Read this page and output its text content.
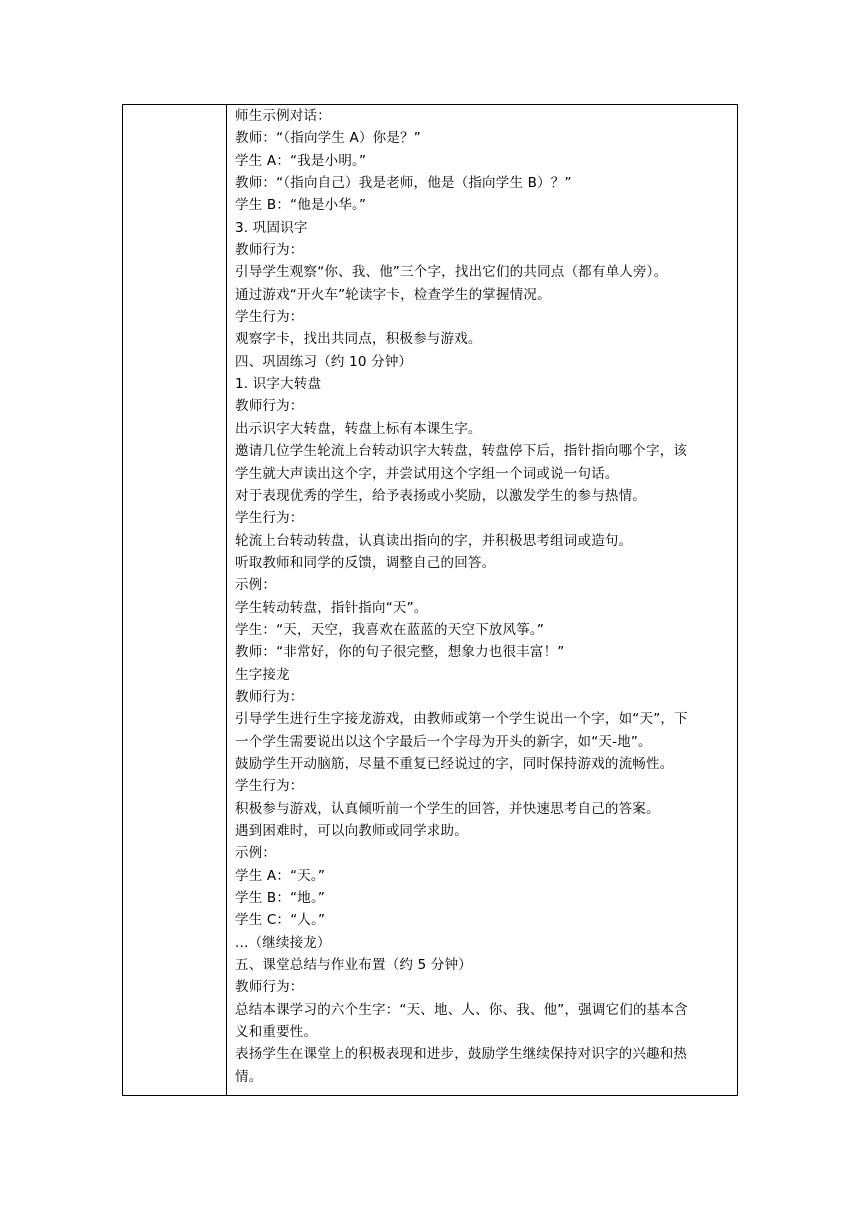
师生示例对话：
教师：“（指向学生 A）你是？”
学生 A：“我是小明。”
教师：“（指向自己）我是老师，他是（指向学生 B）？”
学生 B：“他是小华。”
3. 巩固识字
教师行为：
引导学生观察“你、我、他”三个字，找出它们的共同点（都有单人旁）。
通过游戏“开火车”轮读字卡，检查学生的掌握情况。
学生行为：
观察字卡，找出共同点，积极参与游戏。
四、巩固练习（约 10 分钟）
1. 识字大转盘
教师行为：
出示识字大转盘，转盘上标有本课生字。
邀请几位学生轮流上台转动识字大转盘，转盘停下后，指针指向哪个字，该
学生就大声读出这个字，并尝试用这个字组一个词或说一句话。
对于表现优秀的学生，给予表扬或小奖励，以激发学生的参与热情。
学生行为：
轮流上台转动转盘，认真读出指向的字，并积极思考组词或造句。
听取教师和同学的反馈，调整自己的回答。
示例：
学生转动转盘，指针指向“天”。
学生：“天，天空，我喜欢在蓝蓝的天空下放风筝。”
教师：“非常好，你的句子很完整，想象力也很丰富！”
生字接龙
教师行为：
引导学生进行生字接龙游戏，由教师或第一个学生说出一个字，如“天”，下
一个学生需要说出以这个字最后一个字母为开头的新字，如“天-地”。
鼓励学生开动脑筋，尽量不重复已经说过的字，同时保持游戏的流畅性。
学生行为：
积极参与游戏，认真倾听前一个学生的回答，并快速思考自己的答案。
遇到困难时，可以向教师或同学求助。
示例：
学生 A：“天。”
学生 B：“地。”
学生 C：“人。”
...（继续接龙）
五、课堂总结与作业布置（约 5 分钟）
教师行为：
总结本课学习的六个生字：“天、地、人、你、我、他”，强调它们的基本含
义和重要性。
表扬学生在课堂上的积极表现和进步，鼓励学生继续保持对识字的兴趣和热
情。
